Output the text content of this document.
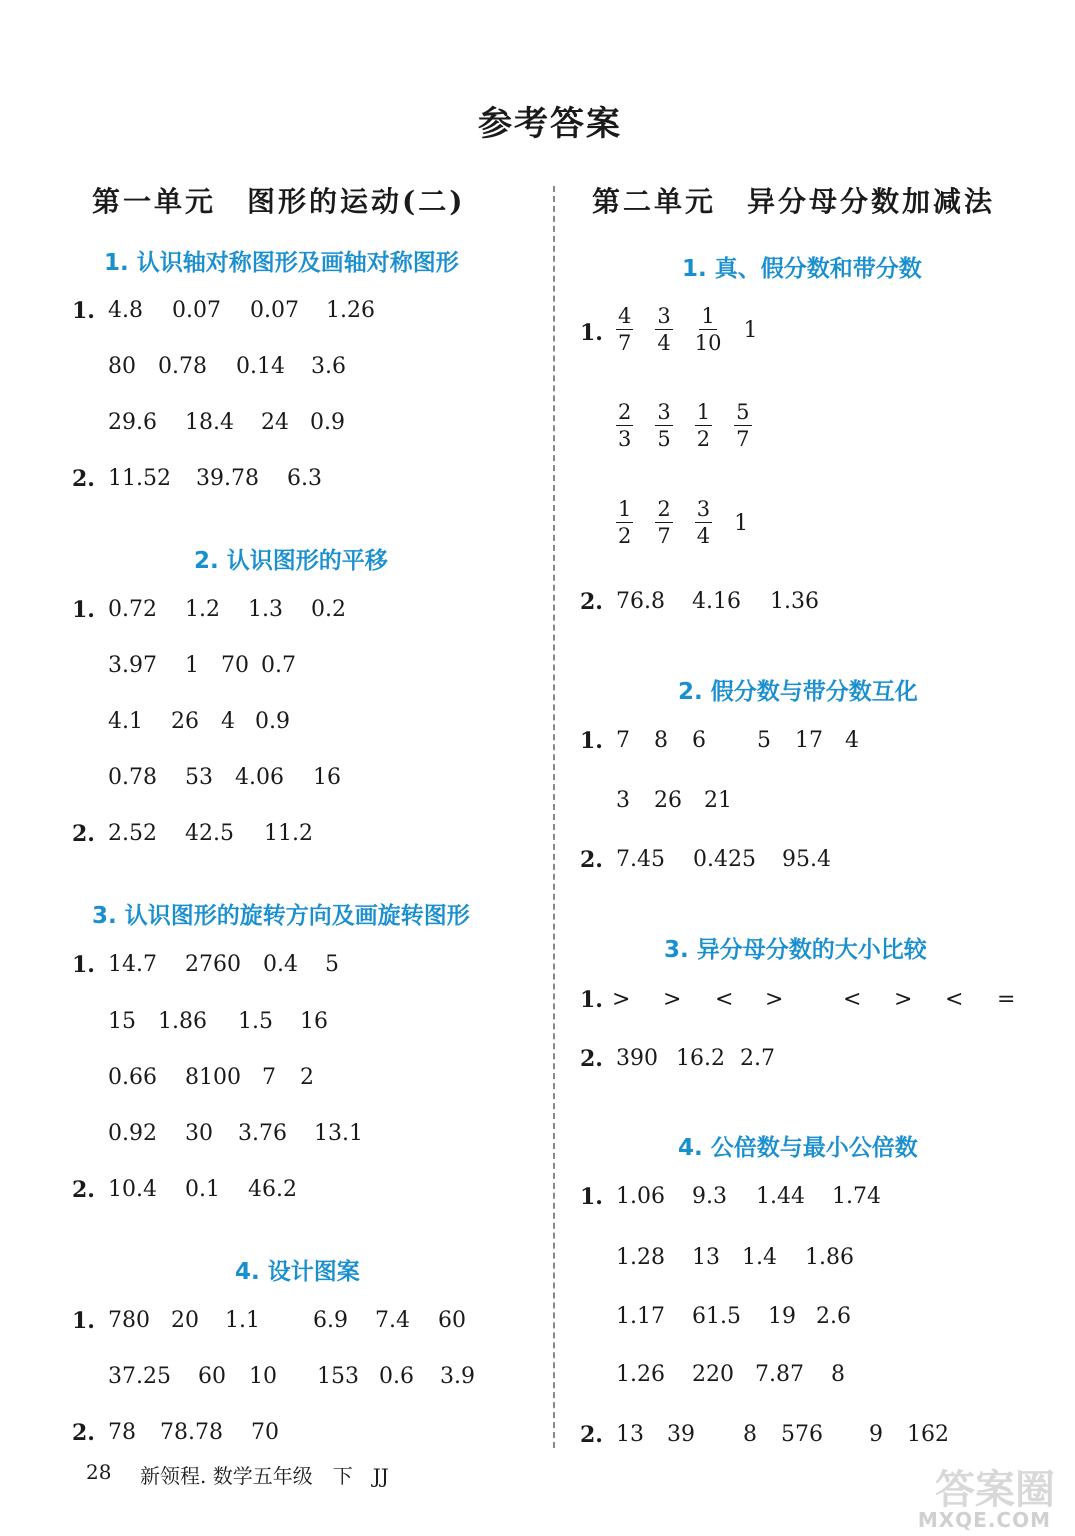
参考答案
第一单元　图形的运动(二)
1. 认识轴对称图形及画轴对称图形
1. 4.8 0.07 0.07 1.26
80 0.78 0.14 3.6
29.6 18.4 24 0.9
2. 11.52 39.78 6.3
2. 认识图形的平移
1. 0.72 1.2 1.3 0.2
3.97 1 70 0.7
4.1 26 4 0.9
0.78 53 4.06 16
2. 2.52 42.5 11.2
3. 认识图形的旋转方向及画旋转图形
1. 14.7 2760 0.4 5
15 1.86 1.5 16
0.66 8100 7 2
0.92 30 3.76 13.1
2. 10.4 0.1 46.2
4. 设计图案
1. 780 20 1.1 6.9 7.4 60
37.25 60 10 153 0.6 3.9
2. 78 78.78 70
第二单元　异分母分数加减法
1. 真、假分数和带分数
1. $\frac{4}{7} \frac{3}{4} \frac{1}{10} 1$
$\frac{2}{3} \frac{3}{5} \frac{1}{2} \frac{5}{7}$
$\frac{1}{2} \frac{2}{7} \frac{3}{4} 1$
2. 76.8 4.16 1.36
2. 假分数与带分数互化
1. 7 8 6 5 17 4
3 26 21
2. 7.45 0.425 95.4
3. 异分母分数的大小比较
1. > > < >	< > < =
2. 390 16.2 2.7
4. 公倍数与最小公倍数
1. 1.06 9.3 1.44 1.74
1.28 13 1.4 1.86
1.17 61.5 19 2.6
1.26 220 7.87 8
2. 13 39 8 576 9 162
28 新领程. 数学五年级　下　JJ	答案圈
MXQE.COM
